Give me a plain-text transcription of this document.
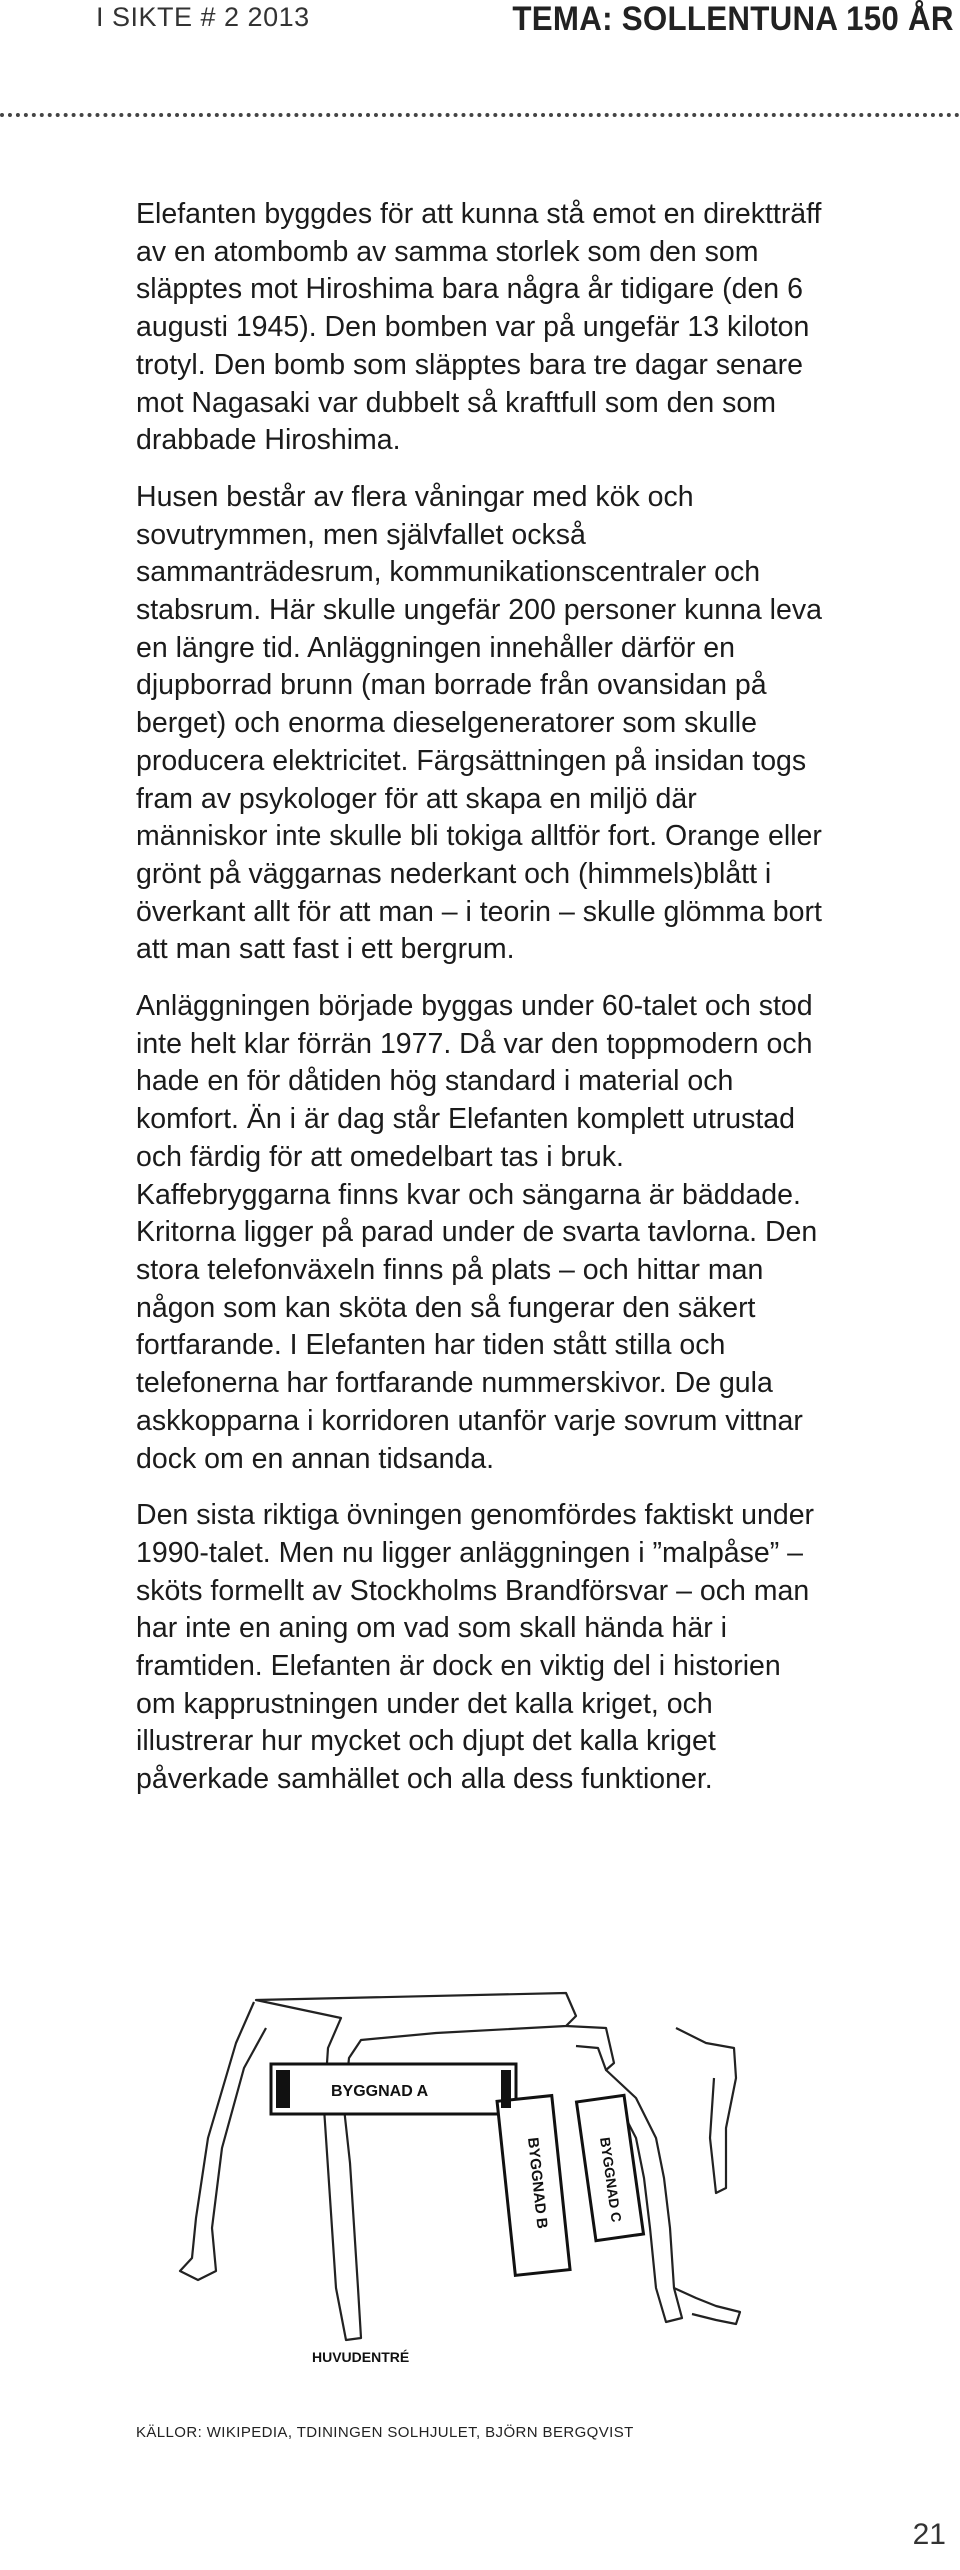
I SIKTE # 2 2013	TEMA: SOLLENTUNA 150 ÅR

Elefanten byggdes för att kunna stå emot en direktträff av en atombomb av samma storlek som den som släpptes mot Hiroshima bara några år tidigare (den 6 augusti 1945). Den bomben var på ungefär 13 kiloton trotyl. Den bomb som släpptes bara tre dagar senare mot Nagasaki var dubbelt så kraftfull som den som drabbade Hiroshima.

Husen består av flera våningar med kök och sovutrymmen, men självfallet också sammanträdesrum, kommunikationscentraler och stabsrum. Här skulle ungefär 200 personer kunna leva en längre tid. Anläggningen innehåller därför en djupborrad brunn (man borrade från ovansidan på berget) och enorma dieselgeneratorer som skulle producera elektricitet. Färgsättningen på insidan togs fram av psykologer för att skapa en miljö där människor inte skulle bli tokiga alltför fort. Orange eller grönt på väggarnas nederkant och (himmels)blått i överkant allt för att man – i teorin – skulle glömma bort att man satt fast i ett bergrum.

Anläggningen började byggas under 60-talet och stod inte helt klar förrän 1977. Då var den toppmodern och hade en för dåtiden hög standard i material och komfort. Än i är dag står Elefanten komplett utrustad och färdig för att omedelbart tas i bruk. Kaffebryggarna finns kvar och sängarna är bäddade. Kritorna ligger på parad under de svarta tavlorna. Den stora telefonväxeln finns på plats – och hittar man någon som kan sköta den så fungerar den säkert fortfarande. I Elefanten har tiden stått stilla och telefonerna har fortfarande nummerskivor. De gula askkopparna i korridoren utanför varje sovrum vittnar dock om en annan tidsanda.

Den sista riktiga övningen genomfördes faktiskt under 1990-talet. Men nu ligger anläggningen i ”malpåse” – sköts formellt av Stockholms Brandförsvar – och man har inte en aning om vad som skall hända här i framtiden. Elefanten är dock en viktig del i historien om kapprustningen under det kalla kriget, och illustrerar hur mycket och djupt det kalla kriget påverkade samhället och alla dess funktioner.

BYGGNAD A
BYGGNAD B	BYGGNAD C
HUVUDENTRÉ
KÄLLOR: WIKIPEDIA, TDININGEN SOLHJULET, BJÖRN BERGQVIST
21
